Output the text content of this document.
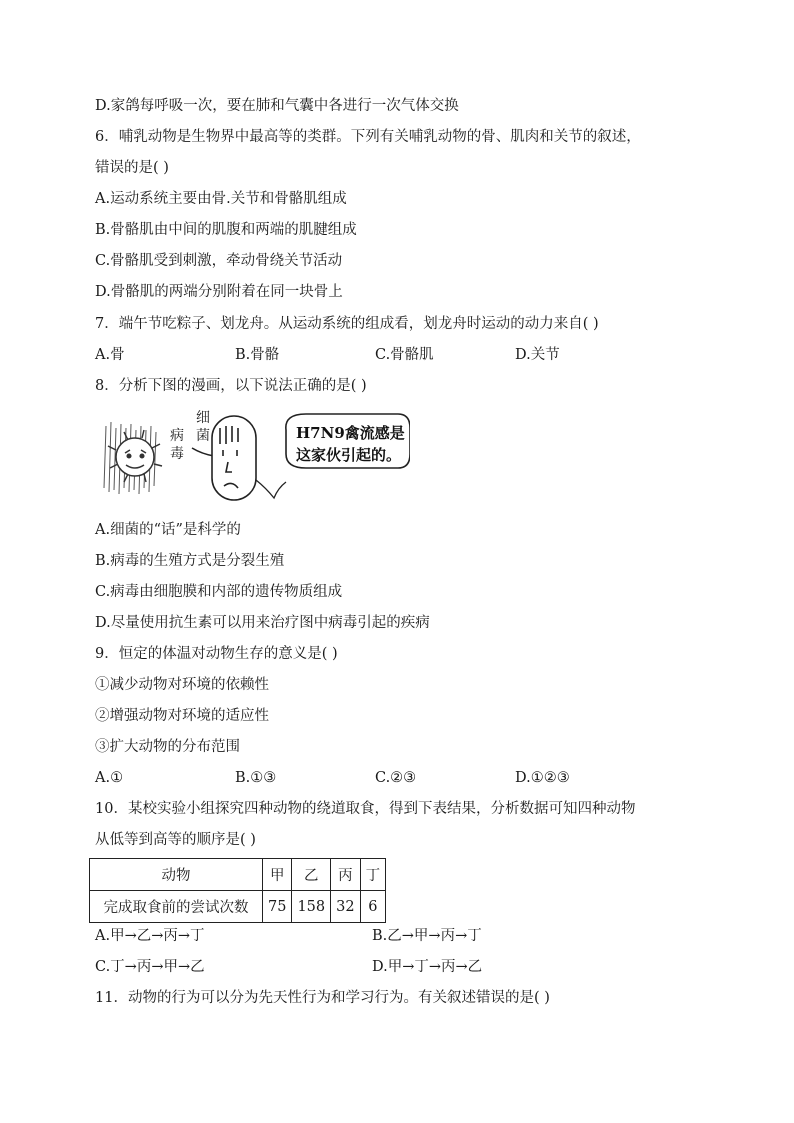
D.家鸽每呼吸一次，要在肺和气囊中各进行一次气体交换
6．哺乳动物是生物界中最高等的类群。下列有关哺乳动物的骨、肌肉和关节的叙述，
错误的是( )
A.运动系统主要由骨.关节和骨骼肌组成
B.骨骼肌由中间的肌腹和两端的肌腱组成
C.骨骼肌受到刺激，牵动骨绕关节活动
D.骨骼肌的两端分别附着在同一块骨上
7．端午节吃粽子、划龙舟。从运动系统的组成看，划龙舟时运动的动力来自( )
A.骨	B.骨骼	C.骨骼肌	D.关节
8．分析下图的漫画，以下说法正确的是( )
病
毒
细
菌	H7N9禽流感是
这家伙引起的。
A.细菌的“话”是科学的
B.病毒的生殖方式是分裂生殖
C.病毒由细胞膜和内部的遗传物质组成
D.尽量使用抗生素可以用来治疗图中病毒引起的疾病
9．恒定的体温对动物生存的意义是( )
①减少动物对环境的依赖性
②增强动物对环境的适应性
③扩大动物的分布范围
A.①	B.①③	C.②③	D.①②③
10．某校实验小组探究四种动物的绕道取食，得到下表结果，分析数据可知四种动物
从低等到高等的顺序是( )
动物	甲	乙	丙	丁
完成取食前的尝试次数	75	158	32	6
A.甲→乙→丙→丁	B.乙→甲→丙→丁
C.丁→丙→甲→乙	D.甲→丁→丙→乙
11．动物的行为可以分为先天性行为和学习行为。有关叙述错误的是( )
